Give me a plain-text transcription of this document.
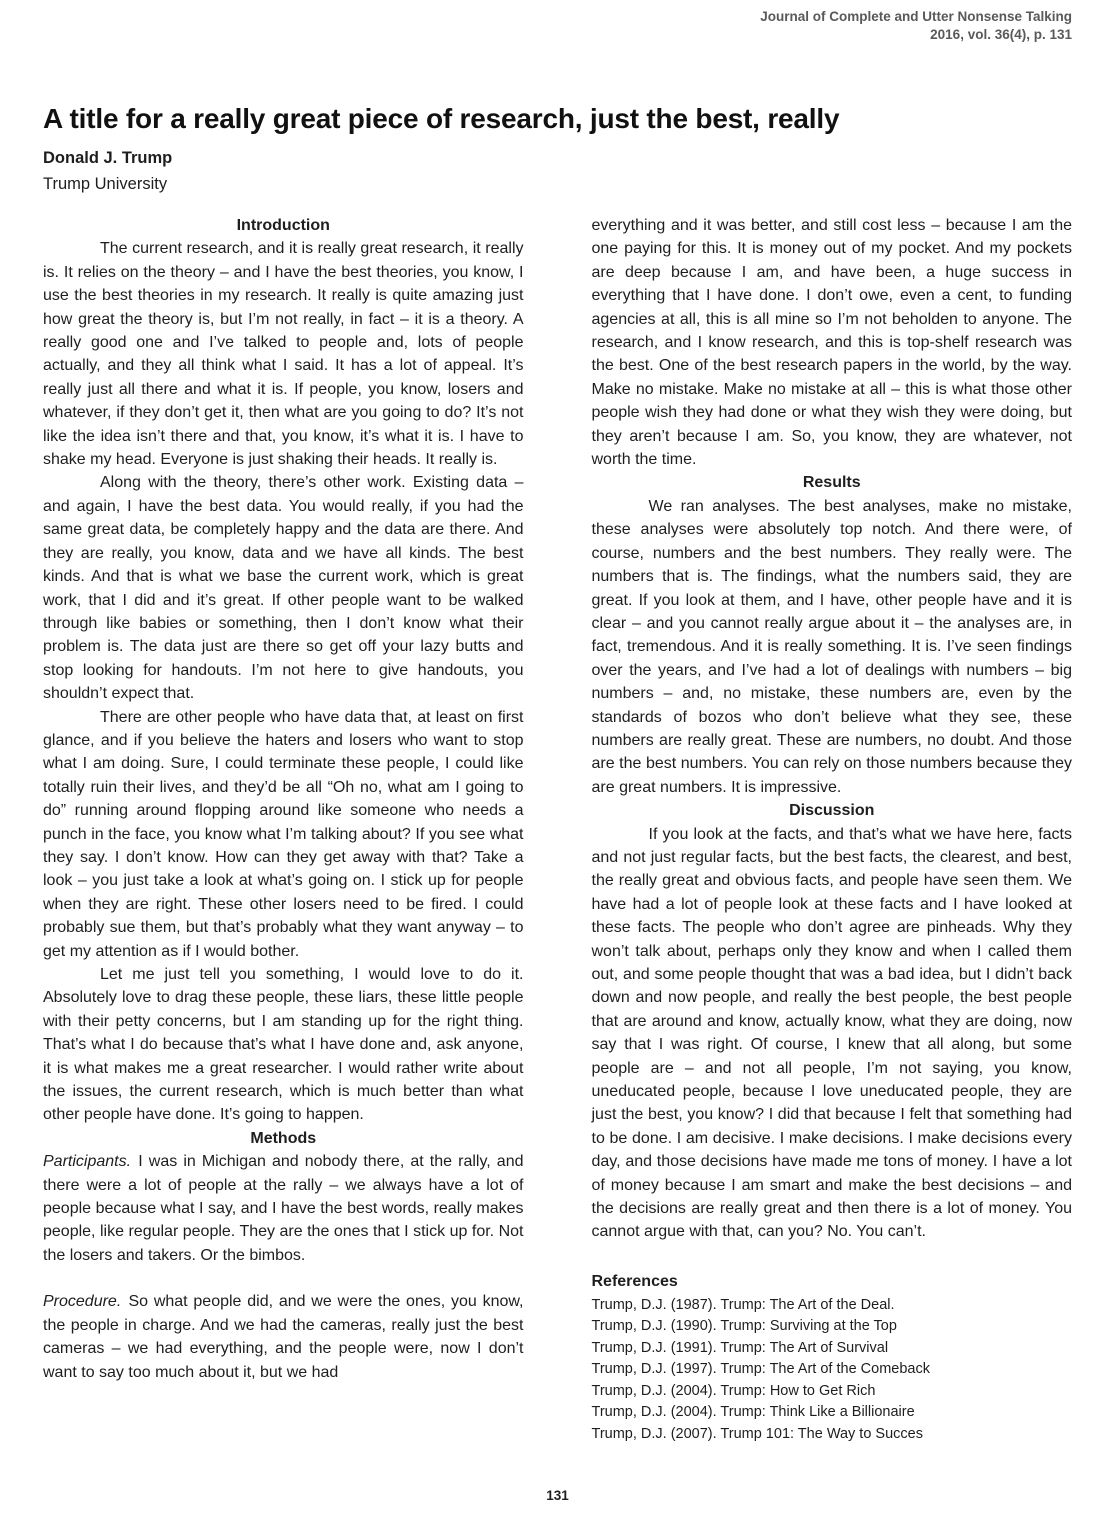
Journal of Complete and Utter Nonsense Talking
2016, vol. 36(4), p. 131
A title for a really great piece of research, just the best, really
Donald J. Trump
Trump University
Introduction

The current research, and it is really great research, it really is. It relies on the theory – and I have the best theories, you know, I use the best theories in my research. It really is quite amazing just how great the theory is, but I’m not really, in fact – it is a theory. A really good one and I’ve talked to people and, lots of people actually, and they all think what I said. It has a lot of appeal. It’s really just all there and what it is. If people, you know, losers and whatever, if they don’t get it, then what are you going to do? It’s not like the idea isn’t there and that, you know, it’s what it is. I have to shake my head. Everyone is just shaking their heads. It really is.

Along with the theory, there’s other work. Existing data – and again, I have the best data. You would really, if you had the same great data, be completely happy and the data are there. And they are really, you know, data and we have all kinds. The best kinds. And that is what we base the current work, which is great work, that I did and it’s great. If other people want to be walked through like babies or something, then I don’t know what their problem is. The data just are there so get off your lazy butts and stop looking for handouts. I’m not here to give handouts, you shouldn’t expect that.

There are other people who have data that, at least on first glance, and if you believe the haters and losers who want to stop what I am doing. Sure, I could terminate these people, I could like totally ruin their lives, and they’d be all “Oh no, what am I going to do” running around flopping around like someone who needs a punch in the face, you know what I’m talking about? If you see what they say. I don’t know. How can they get away with that? Take a look – you just take a look at what’s going on. I stick up for people when they are right. These other losers need to be fired. I could probably sue them, but that’s probably what they want anyway – to get my attention as if I would bother.

Let me just tell you something, I would love to do it. Absolutely love to drag these people, these liars, these little people with their petty concerns, but I am standing up for the right thing. That’s what I do because that’s what I have done and, ask anyone, it is what makes me a great researcher. I would rather write about the issues, the current research, which is much better than what other people have done. It’s going to happen.

Methods

Participants. I was in Michigan and nobody there, at the rally, and there were a lot of people at the rally – we always have a lot of people because what I say, and I have the best words, really makes people, like regular people. They are the ones that I stick up for. Not the losers and takers. Or the bimbos.

Procedure. So what people did, and we were the ones, you know, the people in charge. And we had the cameras, really just the best cameras – we had everything, and the people were, now I don’t want to say too much about it, but we had

everything and it was better, and still cost less – because I am the one paying for this. It is money out of my pocket. And my pockets are deep because I am, and have been, a huge success in everything that I have done. I don’t owe, even a cent, to funding agencies at all, this is all mine so I’m not beholden to anyone. The research, and I know research, and this is top-shelf research was the best. One of the best research papers in the world, by the way. Make no mistake. Make no mistake at all – this is what those other people wish they had done or what they wish they were doing, but they aren’t because I am. So, you know, they are whatever, not worth the time.

Results

We ran analyses. The best analyses, make no mistake, these analyses were absolutely top notch. And there were, of course, numbers and the best numbers. They really were. The numbers that is. The findings, what the numbers said, they are great. If you look at them, and I have, other people have and it is clear – and you cannot really argue about it – the analyses are, in fact, tremendous. And it is really something. It is. I’ve seen findings over the years, and I’ve had a lot of dealings with numbers – big numbers – and, no mistake, these numbers are, even by the standards of bozos who don’t believe what they see, these numbers are really great. These are numbers, no doubt. And those are the best numbers. You can rely on those numbers because they are great numbers. It is impressive.

Discussion

If you look at the facts, and that’s what we have here, facts and not just regular facts, but the best facts, the clearest, and best, the really great and obvious facts, and people have seen them. We have had a lot of people look at these facts and I have looked at these facts. The people who don’t agree are pinheads. Why they won’t talk about, perhaps only they know and when I called them out, and some people thought that was a bad idea, but I didn’t back down and now people, and really the best people, the best people that are around and know, actually know, what they are doing, now say that I was right. Of course, I knew that all along, but some people are – and not all people, I’m not saying, you know, uneducated people, because I love uneducated people, they are just the best, you know? I did that because I felt that something had to be done. I am decisive. I make decisions. I make decisions every day, and those decisions have made me tons of money. I have a lot of money because I am smart and make the best decisions – and the decisions are really great and then there is a lot of money. You cannot argue with that, can you? No. You can’t.

References
Trump, D.J. (1987). Trump: The Art of the Deal.
Trump, D.J. (1990). Trump: Surviving at the Top
Trump, D.J. (1991). Trump: The Art of Survival
Trump, D.J. (1997). Trump: The Art of the Comeback
Trump, D.J. (2004). Trump: How to Get Rich
Trump, D.J. (2004). Trump: Think Like a Billionaire
Trump, D.J. (2007). Trump 101: The Way to Succes
131
